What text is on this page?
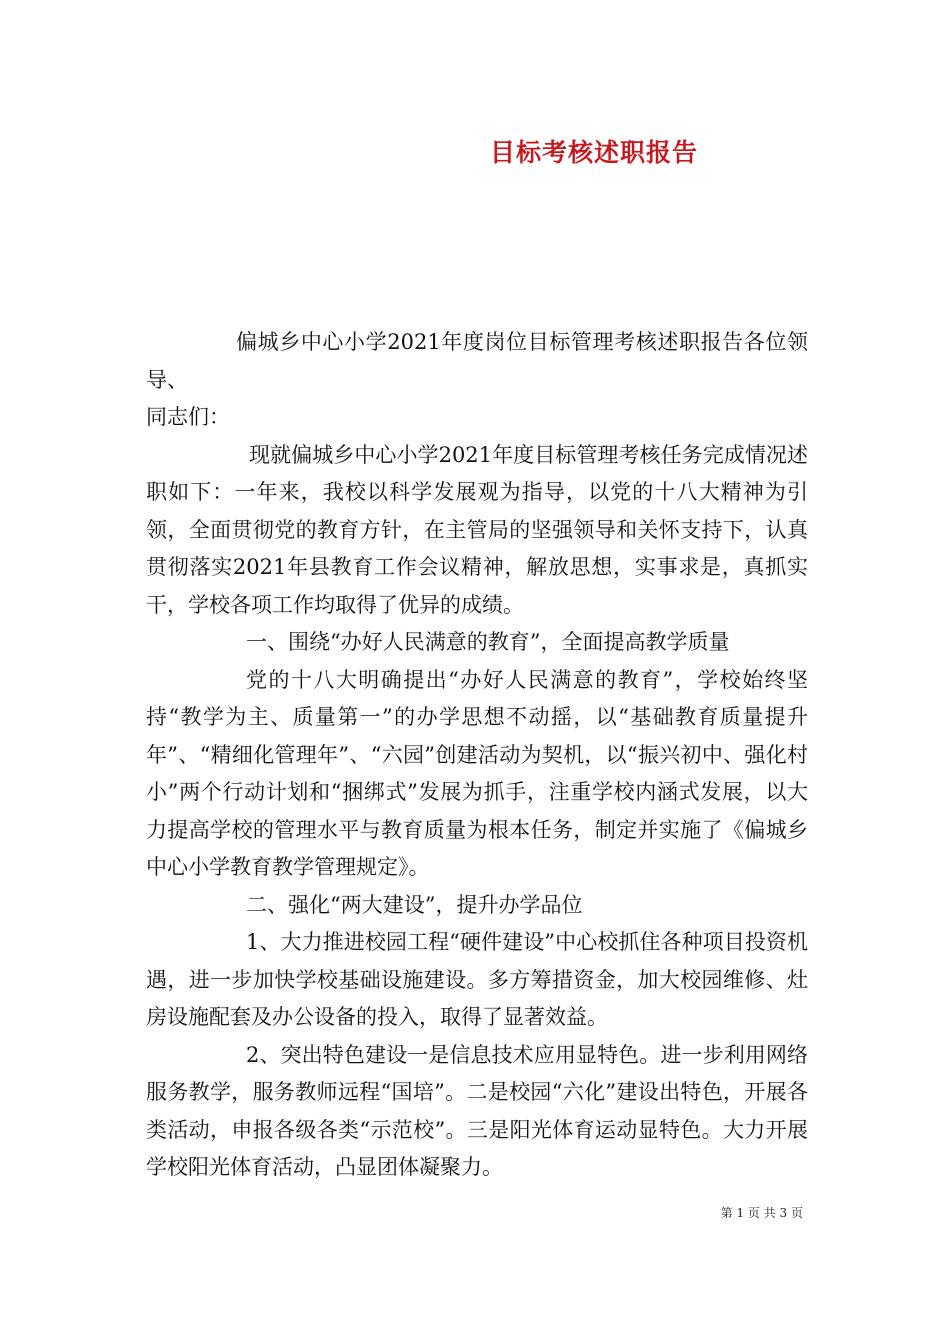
目标考核述职报告

偏城乡中心小学2021年度岗位目标管理考核述职报告各位领导、

同志们：

现就偏城乡中心小学2021年度目标管理考核任务完成情况述职如下：一年来，我校以科学发展观为指导，以党的十八大精神为引领，全面贯彻党的教育方针，在主管局的坚强领导和关怀支持下，认真贯彻落实2021年县教育工作会议精神，解放思想，实事求是，真抓实干，学校各项工作均取得了优异的成绩。

一、围绕“办好人民满意的教育”，全面提高教学质量

党的十八大明确提出“办好人民满意的教育”，学校始终坚持“教学为主、质量第一”的办学思想不动摇，以“基础教育质量提升年”、“精细化管理年”、“六园”创建活动为契机，以“振兴初中、强化村小”两个行动计划和“捆绑式”发展为抓手，注重学校内涵式发展，以大力提高学校的管理水平与教育质量为根本任务，制定并实施了《偏城乡中心小学教育教学管理规定》。

二、强化“两大建设”，提升办学品位

1、大力推进校园工程“硬件建设”中心校抓住各种项目投资机遇，进一步加快学校基础设施建设。多方筹措资金，加大校园维修、灶房设施配套及办公设备的投入，取得了显著效益。

2、突出特色建设一是信息技术应用显特色。进一步利用网络服务教学，服务教师远程“国培”。二是校园“六化”建设出特色，开展各类活动，申报各级各类“示范校”。三是阳光体育运动显特色。大力开展学校阳光体育活动，凸显团体凝聚力。

第 1 页 共 3 页
